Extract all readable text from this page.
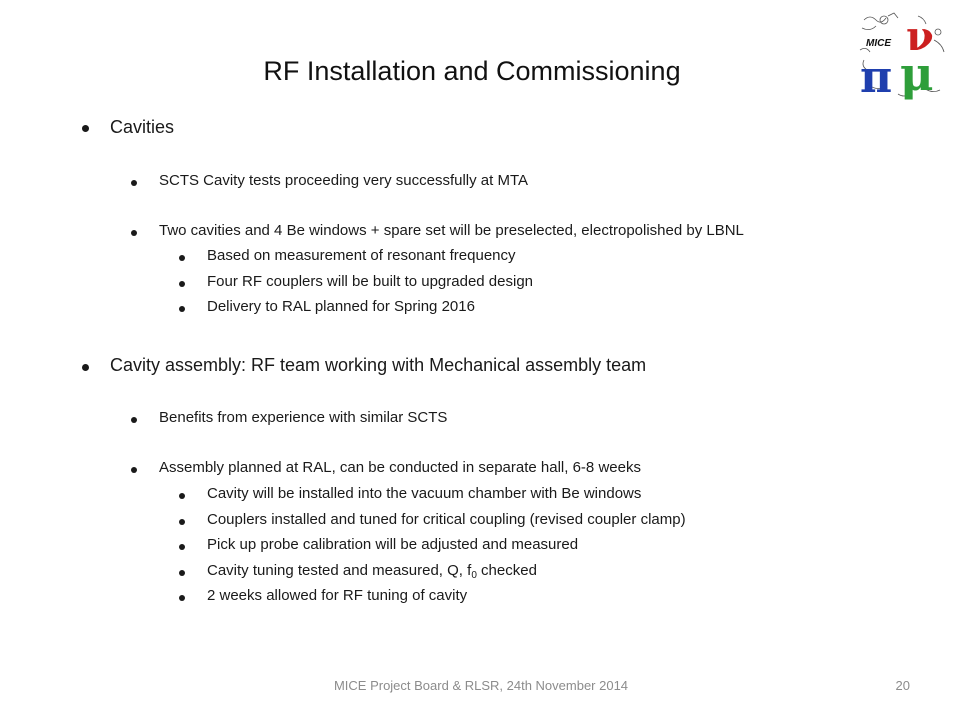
RF Installation and Commissioning
ν
π μ
MICE
Cavities
SCTS Cavity tests proceeding very successfully at MTA
Two cavities and 4 Be windows + spare set will be preselected, electropolished by LBNL
Based on measurement of resonant frequency
Four RF couplers will be built to upgraded design
Delivery to RAL planned for Spring 2016
Cavity assembly: RF team working with Mechanical assembly team
Benefits from experience with similar SCTS
Assembly planned at RAL, can be conducted in separate hall, 6-8 weeks
Cavity will be installed into the vacuum chamber with Be windows
Couplers installed and tuned for critical coupling (revised coupler clamp)
Pick up probe calibration will be adjusted and measured
Cavity tuning tested and measured, Q, $f_0$ checked
2 weeks allowed for RF tuning of cavity
MICE Project Board & RLSR, 24th November 2014	20
